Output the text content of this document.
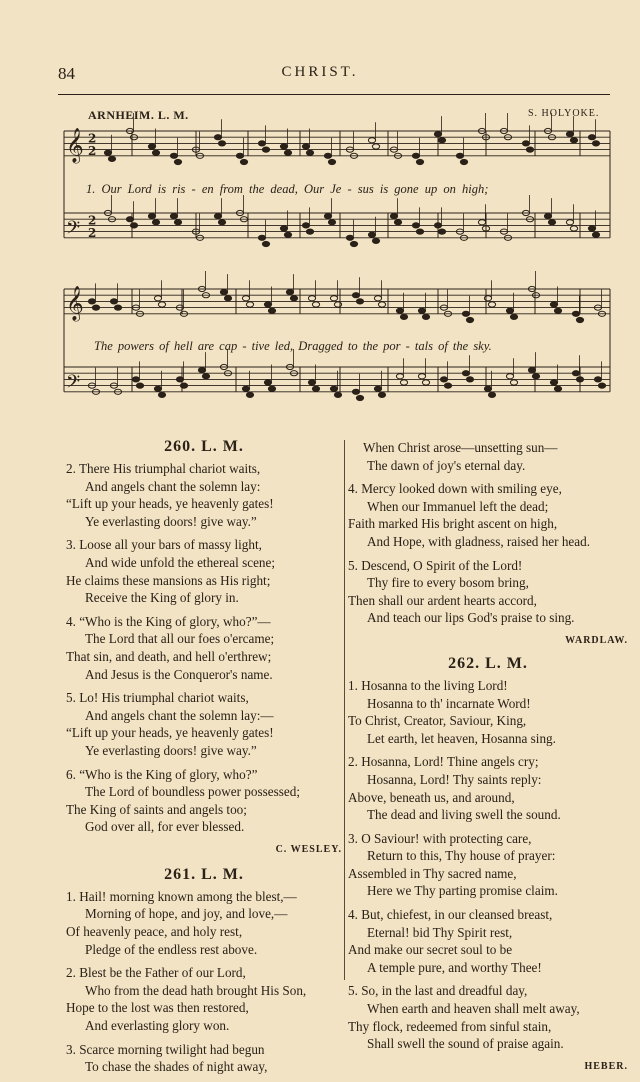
84	CHRIST.
ARNHEIM. L. M.	S. HOLYOKE.
𝄞 2
2
𝄢 2
2
𝄞
𝄢
1. Our Lord is ris - en from the dead, Our Je - sus is gone up on high;
The powers of hell are cap - tive led, Dragged to the por - tals of the sky.
260. L. M.
2. There His triumphal chariot waits,
And angels chant the solemn lay:
“Lift up your heads, ye heavenly gates!
Ye everlasting doors! give way.”
3. Loose all your bars of massy light,
And wide unfold the ethereal scene;
He claims these mansions as His right;
Receive the King of glory in.
4. “Who is the King of glory, who?”—
The Lord that all our foes o'ercame;
That sin, and death, and hell o'erthrew;
And Jesus is the Conqueror's name.
5. Lo! His triumphal chariot waits,
And angels chant the solemn lay:—
“Lift up your heads, ye heavenly gates!
Ye everlasting doors! give way.”
6. “Who is the King of glory, who?”
The Lord of boundless power possessed;
The King of saints and angels too;
God over all, for ever blessed.
C. WESLEY.
261. L. M.
1. Hail! morning known among the blest,—
Morning of hope, and joy, and love,—
Of heavenly peace, and holy rest,
Pledge of the endless rest above.
2. Blest be the Father of our Lord,
Who from the dead hath brought His Son,
Hope to the lost was then restored,
And everlasting glory won.
3. Scarce morning twilight had begun
To chase the shades of night away,
When Christ arose—unsetting sun—
The dawn of joy's eternal day.
4. Mercy looked down with smiling eye,
When our Immanuel left the dead;
Faith marked His bright ascent on high,
And Hope, with gladness, raised her head.
5. Descend, O Spirit of the Lord!
Thy fire to every bosom bring,
Then shall our ardent hearts accord,
And teach our lips God's praise to sing.
WARDLAW.
262. L. M.
1. Hosanna to the living Lord!
Hosanna to th' incarnate Word!
To Christ, Creator, Saviour, King,
Let earth, let heaven, Hosanna sing.
2. Hosanna, Lord! Thine angels cry;
Hosanna, Lord! Thy saints reply:
Above, beneath us, and around,
The dead and living swell the sound.
3. O Saviour! with protecting care,
Return to this, Thy house of prayer:
Assembled in Thy sacred name,
Here we Thy parting promise claim.
4. But, chiefest, in our cleansed breast,
Eternal! bid Thy Spirit rest,
And make our secret soul to be
A temple pure, and worthy Thee!
5. So, in the last and dreadful day,
When earth and heaven shall melt away,
Thy flock, redeemed from sinful stain,
Shall swell the sound of praise again.
HEBER.
